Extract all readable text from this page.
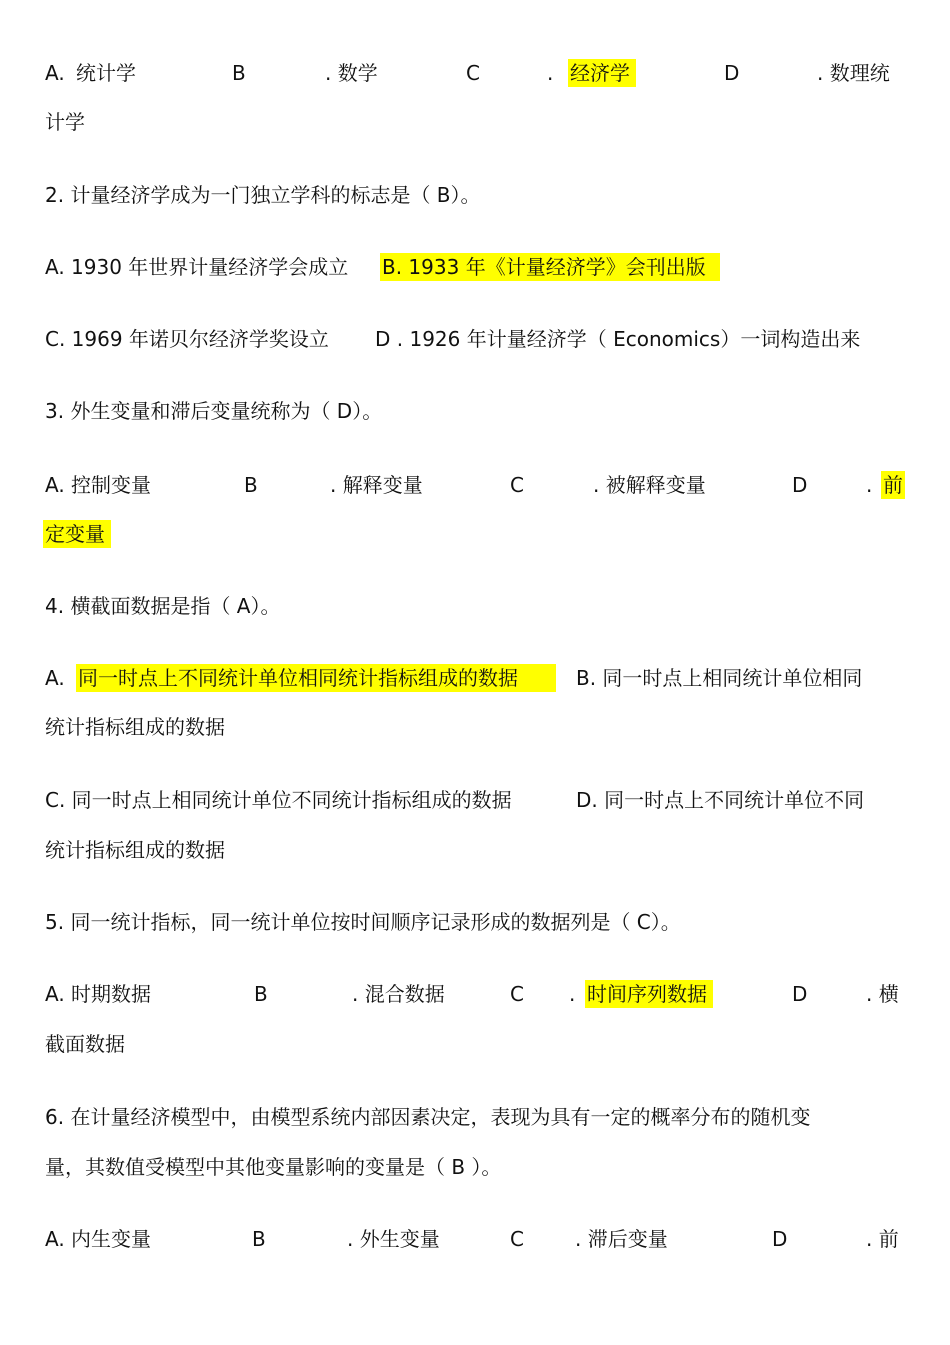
A. 统计学	B	. 数学	C	. 经济学	D	. 数理统
计学
2. 计量经济学成为一门独立学科的标志是（ B）。
A. 1930 年世界计量经济学会成立 B. 1933 年《计量经济学》会刊出版
C. 1969 年诺贝尔经济学奖设立 D . 1926 年计量经济学（ Economics）一词构造出来
3. 外生变量和滞后变量统称为（ D）。
A. 控制变量	B	. 解释变量	C	. 被解释变量	D	. 前
定变量
4. 横截面数据是指（ A）。
A. 同一时点上不同统计单位相同统计指标组成的数据	B. 同一时点上相同统计单位相同
统计指标组成的数据
C. 同一时点上相同统计单位不同统计指标组成的数据	D. 同一时点上不同统计单位不同
统计指标组成的数据
5. 同一统计指标，同一统计单位按时间顺序记录形成的数据列是（ C）。
A. 时期数据	B	. 混合数据	C . 时间序列数据	D	. 横
截面数据
6. 在计量经济模型中，由模型系统内部因素决定，表现为具有一定的概率分布的随机变
量，其数值受模型中其他变量影响的变量是（ B ）。
A. 内生变量	B	. 外生变量	C	. 滞后变量	D	. 前
